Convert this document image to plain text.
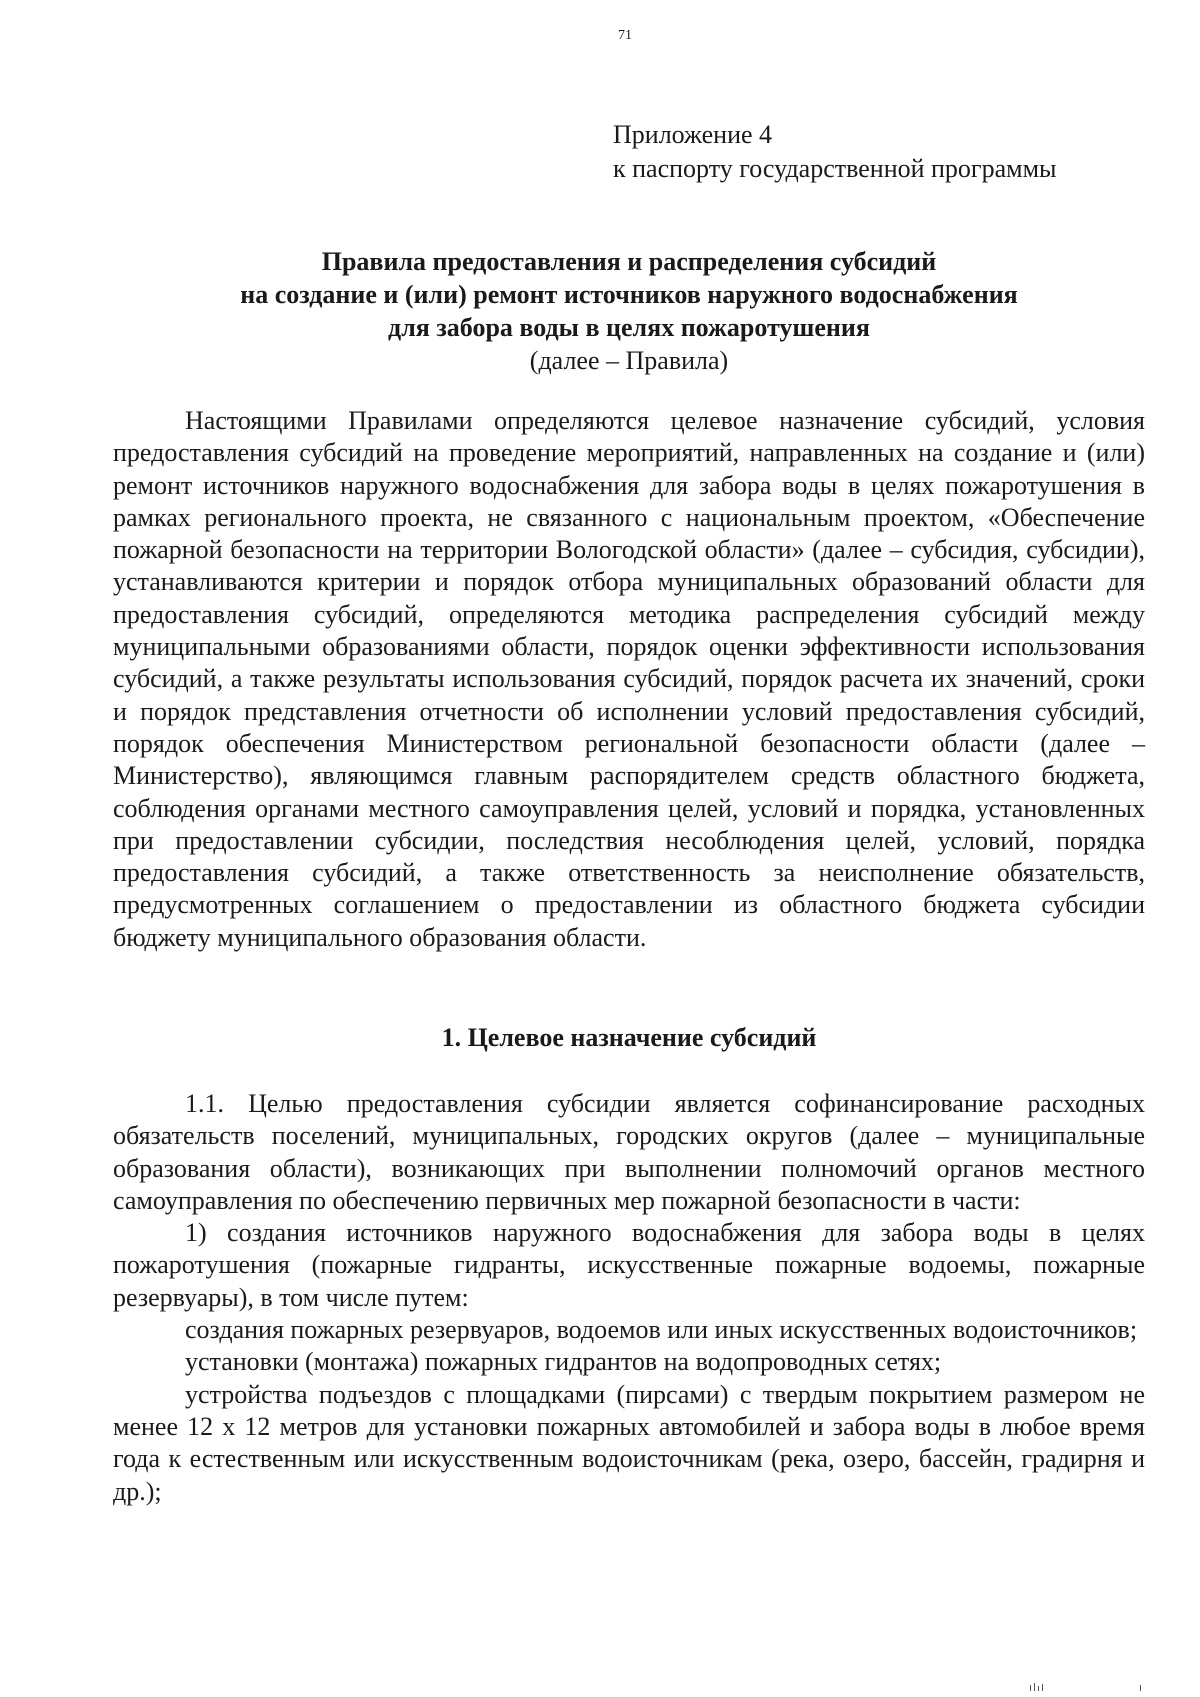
71
Приложение 4
к паспорту государственной программы
Правила предоставления и распределения субсидий
на создание и (или) ремонт источников наружного водоснабжения
для забора воды в целях пожаротушения
(далее – Правила)

Настоящими Правилами определяются целевое назначение субсидий, условия предоставления субсидий на проведение мероприятий, направленных на создание и (или) ремонт источников наружного водоснабжения для забора воды в целях пожаротушения в рамках регионального проекта, не связанного с национальным проектом, «Обеспечение пожарной безопасности на территории Вологодской области» (далее – субсидия, субсидии), устанавливаются критерии и порядок отбора муниципальных образований области для предоставления субсидий, определяются методика распределения субсидий между муниципальными образованиями области, порядок оценки эффективности использования субсидий, а также результаты использования субсидий, порядок расчета их значений, сроки и порядок представления отчетности об исполнении условий предоставления субсидий, порядок обеспечения Министерством региональной безопасности области (далее – Министерство), являющимся главным распорядителем средств областного бюджета, соблюдения органами местного самоуправления целей, условий и порядка, установленных при предоставлении субсидии, последствия несоблюдения целей, условий, порядка предоставления субсидий, а также ответственность за неисполнение обязательств, предусмотренных соглашением о предоставлении из областного бюджета субсидии бюджету муниципального образования области.

1. Целевое назначение субсидий

1.1. Целью предоставления субсидии является софинансирование расходных обязательств поселений, муниципальных, городских округов (далее – муниципальные образования области), возникающих при выполнении полномочий органов местного самоуправления по обеспечению первичных мер пожарной безопасности в части:

1) создания источников наружного водоснабжения для забора воды в целях пожаротушения (пожарные гидранты, искусственные пожарные водоемы, пожарные резервуары), в том числе путем:

создания пожарных резервуаров, водоемов или иных искусственных водоисточников;

установки (монтажа) пожарных гидрантов на водопроводных сетях;

устройства подъездов с площадками (пирсами) с твердым покрытием размером не менее 12 х 12 метров для установки пожарных автомобилей и забора воды в любое время года к естественным или искусственным водоисточникам (река, озеро, бассейн, градирня и др.);
